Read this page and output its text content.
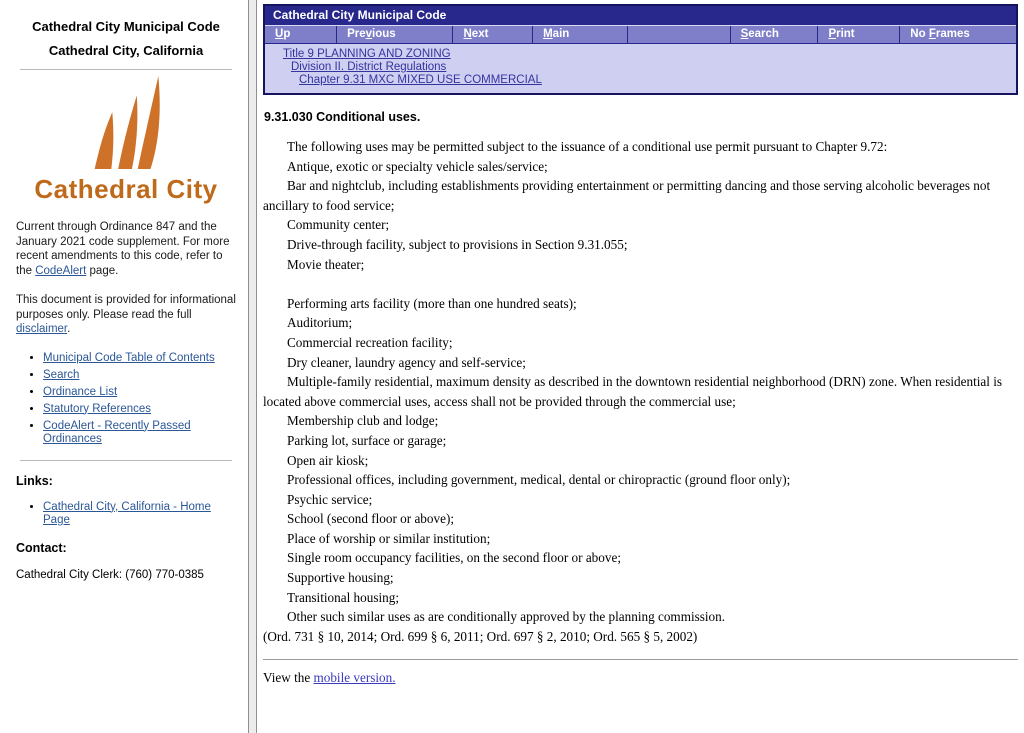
Cathedral City Municipal Code
Cathedral City, California
Cathedral City

Current through Ordinance 847 and the January 2021 code supplement. For more recent amendments to this code, refer to the CodeAlert page.

This document is provided for informational purposes only. Please read the full disclaimer.

• Municipal Code Table of Contents
• Search
• Ordinance List
• Statutory References
• CodeAlert - Recently Passed Ordinances
Links:
• Cathedral City, California - Home Page
Contact:

Cathedral City Clerk: (760) 770-0385

Cathedral City Municipal Code
Up	Previous	Next	Main	Search	Print	No Frames
Title 9 PLANNING AND ZONING
Division II. District Regulations
Chapter 9.31 MXC MIXED USE COMMERCIAL
9.31.030 Conditional uses.

The following uses may be permitted subject to the issuance of a conditional use permit pursuant to Chapter 9.72:

Antique, exotic or specialty vehicle sales/service;

Bar and nightclub, including establishments providing entertainment or permitting dancing and those serving alcoholic beverages not ancillary to food service;

Community center;

Drive-through facility, subject to provisions in Section 9.31.055;

Movie theater;

Performing arts facility (more than one hundred seats);

Auditorium;

Commercial recreation facility;

Dry cleaner, laundry agency and self-service;

Multiple-family residential, maximum density as described in the downtown residential neighborhood (DRN) zone. When residential is located above commercial uses, access shall not be provided through the commercial use;

Membership club and lodge;

Parking lot, surface or garage;

Open air kiosk;

Professional offices, including government, medical, dental or chiropractic (ground floor only);

Psychic service;

School (second floor or above);

Place of worship or similar institution;

Single room occupancy facilities, on the second floor or above;

Supportive housing;

Transitional housing;

Other such similar uses as are conditionally approved by the planning commission.

(Ord. 731 § 10, 2014; Ord. 699 § 6, 2011; Ord. 697 § 2, 2010; Ord. 565 § 5, 2002)

View the mobile version.
